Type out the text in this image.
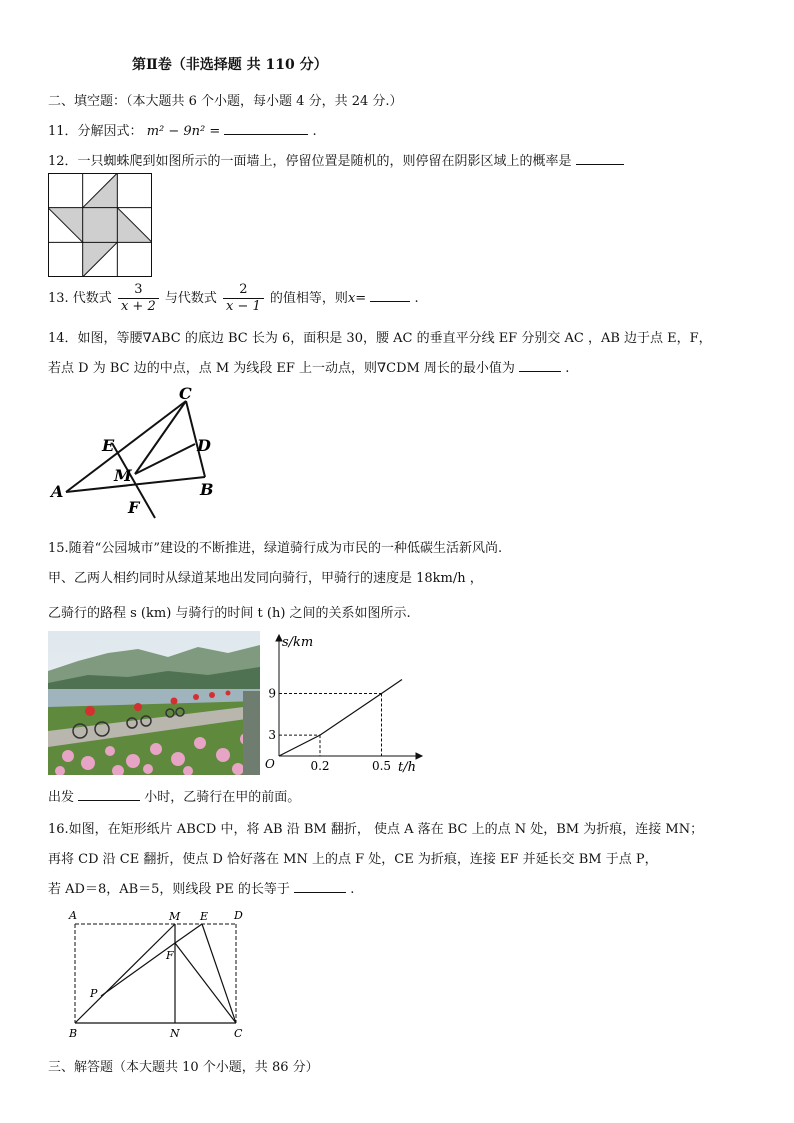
第Ⅱ卷（非选择题 共 110 分）
二、填空题：（本大题共 6 个小题，每小题 4 分，共 24 分.）
11．分解因式： m² − 9n² =	.
12．一只蜘蛛爬到如图所示的一面墙上，停留位置是随机的，则停留在阴影区域上的概率是
13. 代数式 $\frac{3}{x + 2}$ 与代数式 $\frac{2}{x - 1}$ 的值相等，则x=	.
14．如图，等腰∇ABC 的底边 BC 长为 6，面积是 30，腰 AC 的垂直平分线 EF 分别交 AC ，AB 边于点 E，F，
若点 D 为 BC 边的中点，点 M 为线段 EF 上一动点，则∇CDM 周长的最小值为	.
C
E	D
M
A	B
F
15.随着“公园城市”建设的不断推进，绿道骑行成为市民的一种低碳生活新风尚.
甲、乙两人相约同时从绿道某地出发同向骑行，甲骑行的速度是 18km/h ，
乙骑行的路程 s (km) 与骑行的时间 t (h) 之间的关系如图所示.
s/km
t/h
O
3
9
0.2	0.5
出发	小时，乙骑行在甲的前面。
16.如图，在矩形纸片 ABCD 中，将 AB 沿 BM 翻折， 使点 A 落在 BC 上的点 N 处，BM 为折痕，连接 MN；
再将 CD 沿 CE 翻折，使点 D 恰好落在 MN 上的点 F 处，CE 为折痕，连接 EF 并延长交 BM 于点 P，
若 AD＝8，AB＝5，则线段 PE 的长等于	.
A	M E D
F
P
B	N	C
三、解答题（本大题共 10 个小题，共 86 分）
